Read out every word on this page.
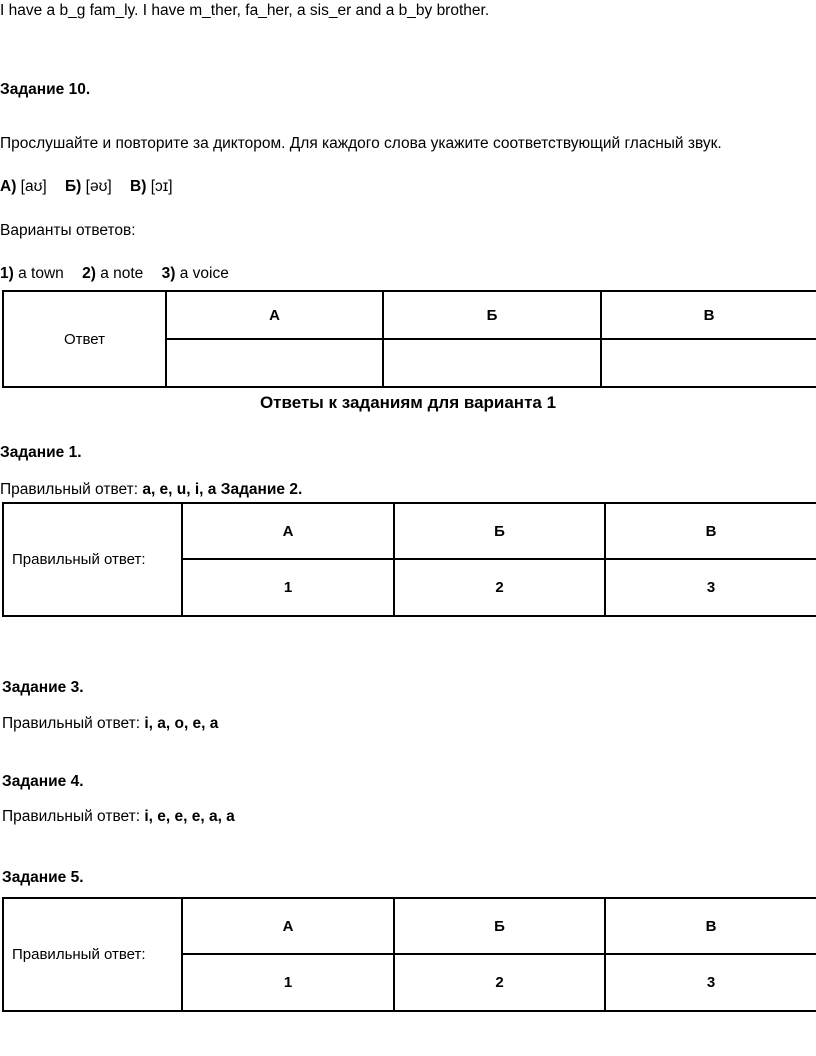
I have a b_g fam_ly. I have m_ther, fa_her, a sis_er and a b_by brother.
Задание 10.
Прослушайте и повторите за диктором. Для каждого слова укажите соответствующий гласный звук.
А) [aʊ] Б) [əʊ] В) [ɔɪ]
Варианты ответов:
1) a town 2) a note 3) a voice
Ответ	А	Б	В

Ответы к заданиям для варианта 1
Задание 1.
Правильный ответ: a, e, u, i, a Задание 2.
Правильный ответ:	А	Б	В
	1	2	3
Задание 3.
Правильный ответ: i, a, o, e, a
Задание 4.
Правильный ответ: i, e, e, e, a, a
Задание 5.
Правильный ответ:	А	Б	В
	1	2	3
